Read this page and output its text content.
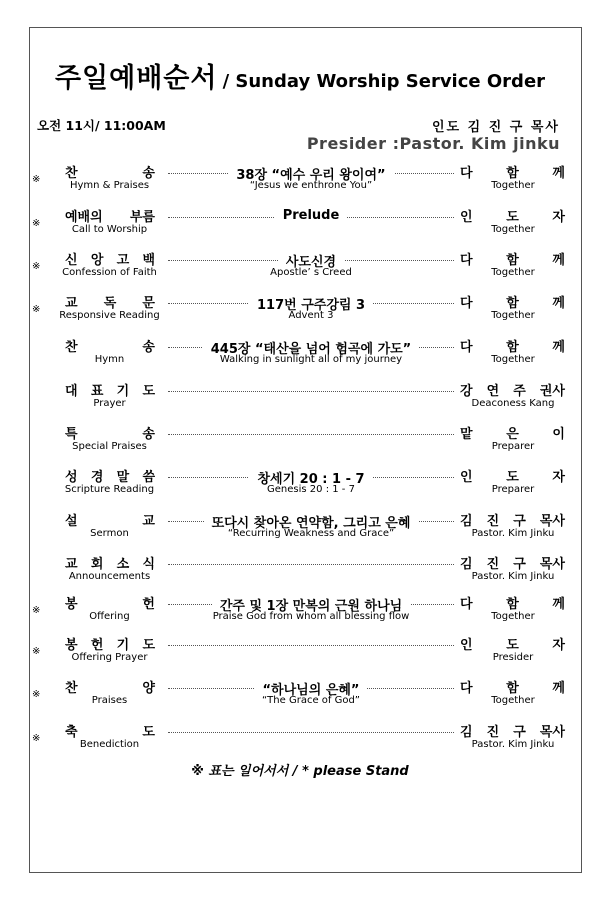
주일예배순서 / Sunday Worship Service Order
오전 11시/ 11:00AM	인도 김 진 구 목사
Presider :Pastor. Kim jinku
※ 찬 송
Hymn & Praises
38장 “예수 우리 왕이여”
“Jesus we enthrone You”
다 함 께
Together
※ 예배의 부름
Call to Worship
Prelude	인 도 자
Together
※ 신 앙 고 백
Confession of Faith
사도신경
Apostle’ s Creed
다 함 께
Together
※ 교 독 문
Responsive Reading
117번 구주강림 3
Advent 3
다 함 께
Together
찬 송
Hymn
445장 “태산을 넘어 험곡에 가도”
Walking in sunlight all of my journey
다 함 께
Together
대 표 기 도
Prayer
강 연 주 권사
Deaconess Kang
특 송
Special Praises
맡 은 이
Preparer
성 경 말 씀
Scripture Reading
창세기 20 : 1 - 7
Genesis 20 : 1 - 7
인 도 자
Preparer
설 교
Sermon
또다시 찾아온 연약함, 그리고 은혜
“Recurring Weakness and Grace”
김 진 구 목사
Pastor. Kim Jinku
교 회 소 식
Announcements
김 진 구 목사
Pastor. Kim Jinku
※ 봉 헌
Offering
간주 및 1장 만복의 근원 하나님
Praise God from whom all blessing flow
다 함 께
Together
※ 봉 헌 기 도
Offering Prayer
인 도 자
Presider
※ 찬 양
Praises
“하나님의 은혜”
“The Grace of God”
다 함 께
Together
※ 축 도
Benediction
김 진 구 목사
Pastor. Kim Jinku
※ 표는 일어서서 / * please Stand
